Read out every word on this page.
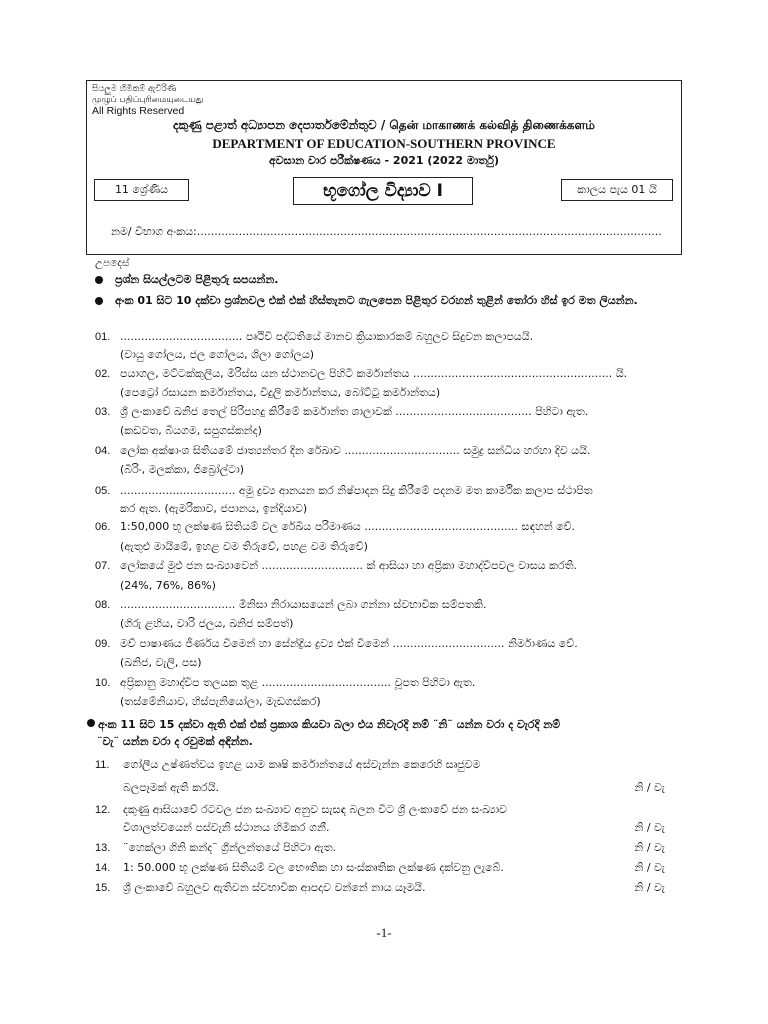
සියලුම හිමිකම් ඇවිරිණි
முழுப் பதிப்புரிமையுடையது
All Rights Reserved
දකුණු පළාත් අධ්‍යාපන දෙපාර්තමේන්තුව / தென் மாகாணக் கல்வித் திணைக்களம்
DEPARTMENT OF EDUCATION-SOUTHERN PROVINCE
අවසාන වාර පරීක්ෂණය - 2021 (2022 මාර්තු)
11 ශ්‍රේණිය	භූගෝල විද්‍යාව I	කාලය පැය 01 යි
නම/ විභාග අංකය:.....................................................................................................................................
උපදෙස්
ප්‍රශ්න සියල්ලටම පිළිතුරු සපයන්න.
අංක 01 සිට 10 දක්වා ප්‍රශ්නවල එක් එක් හිස්තැනට ගැලපෙන පිළිතුර වරහන් තුළින් තෝරා හිස් ඉර මත ලියන්න.
01. ................................... පෘථිවි පද්ධතියේ මානව ක්‍රියාකාරකම් බහුලව සිදුවන කලාපයයි.
(වායු ගෝලය, ජල ගෝලය, ශිලා ගෝලය)
02. පයාගල, මට්ටක්කුලිය, මිරිස්ස යන ස්ථානවල පිහිටි කර්මාන්තය ......................................................... යි.
(පෙට්‍රෝ රසායන කර්මාන්තය, විදුලි කර්මාන්තය, බෝට්ටු කර්මාන්තය)
03. ශ්‍රී ලංකාවේ ඛනිජ තෙල් පිරිපහදු කිරීමේ කර්මාන්ත ශාලාවක් ....................................... පිහිටා ඇත.
(කඩවත, බියගම, සපුගස්කන්ද)
04. ලෝක අක්ෂාංශ සිතියමේ ජාත්‍යන්තර දින රේඛාව ................................. සමුද්‍ර සන්ධිය හරහා දිව යයි.
(බීරිං, මලක්කා, ජිබ්‍රෝල්ටා)
05. ................................. අමු ද්‍රව්‍ය ආනයන කර නිෂ්පාදන සිදු කිරීමේ පදනම මත කාර්මික කලාප ස්ථාපිත
කර ඇත. (ඇමරිකාව, ජපානය, ඉන්දියාව)
06. 1:50,000 භූ ලක්ෂණ සිතියම් වල රේඛීය පරිමාණය ............................................ සඳහන් වේ.
(ඇතුළු මායිමේ, ඉහළ වම තිරුවේ, පහළ වම තිරුවේ)
07. ලෝකයේ මුළු ජන සංඛ්‍යාවෙන් ............................. ක් ආසියා හා අප්‍රිකා මහාද්වීපවල වාසය කරති.
(24%, 76%, 86%)
08. ................................. මිනිසා නිරායාසයෙන් ලබා ගන්නා ස්වභාවික සම්පතකි.
(ගිරු ළහිය, වාරි ජලය, ඛනිජ සම්පත්)
09. මව් පාෂාණය ජීර්ණය වීමෙන් හා සේන්ද්‍රිය ද්‍රව්‍ය එක් වීමෙන් ................................ නිර්මාණය වේ.
(ඛනිජ, වැලි, පස)
10. අප්‍රිකානු මහාද්වීප තලයක තුළ ..................................... වූපත පිහිටා ඇත.
(තස්මේනියාව, හිස්පැනියෝලා, මැඩගස්කර)
අංක 11 සිට 15 දක්වා ඇති එක් එක් ප්‍රකාශ කියවා බලා එය නිවැරදි නම් ¨නි¨ යන්න වරා ද වැරදි නම්
¨වැ¨ යන්න වරා ද රවුමක් අඳින්න.
11. ගෝලීය උෂ්ණත්වය ඉහළ යාම කෘෂි කර්මාන්තයේ අස්වැන්න කෙරෙහි සෘජුවම
බලපෑමක් ඇති කරයි.	නි / වැ
12. දකුණු ආසියාවේ රටවල ජන සංඛ්‍යාව අනුව සැසඳ බලන විට ශ්‍රී ලංකාවේ ජන සංඛ්‍යාව
විශාලත්වයෙන් පස්වැනි ස්ථානය හිමිකර ගනී.	නි / වැ
13. ¨හෙක්ලා ගිනි කන්ද¨ ග්‍රීන්ලන්තයේ පිහිටා ඇත.	නි / වැ
14. 1: 50.000 භූ ලක්ෂණ සිතියම් වල භෞතික හා සංස්කෘතික ලක්ෂණ දක්වනු ලැබේ.	නි / වැ
15. ශ්‍රී ලංකාවේ බහුලව ඇතිවන ස්වභාවික ආපදාව වන්නේ නාය යෑමයි.	නි / වැ
-1-
